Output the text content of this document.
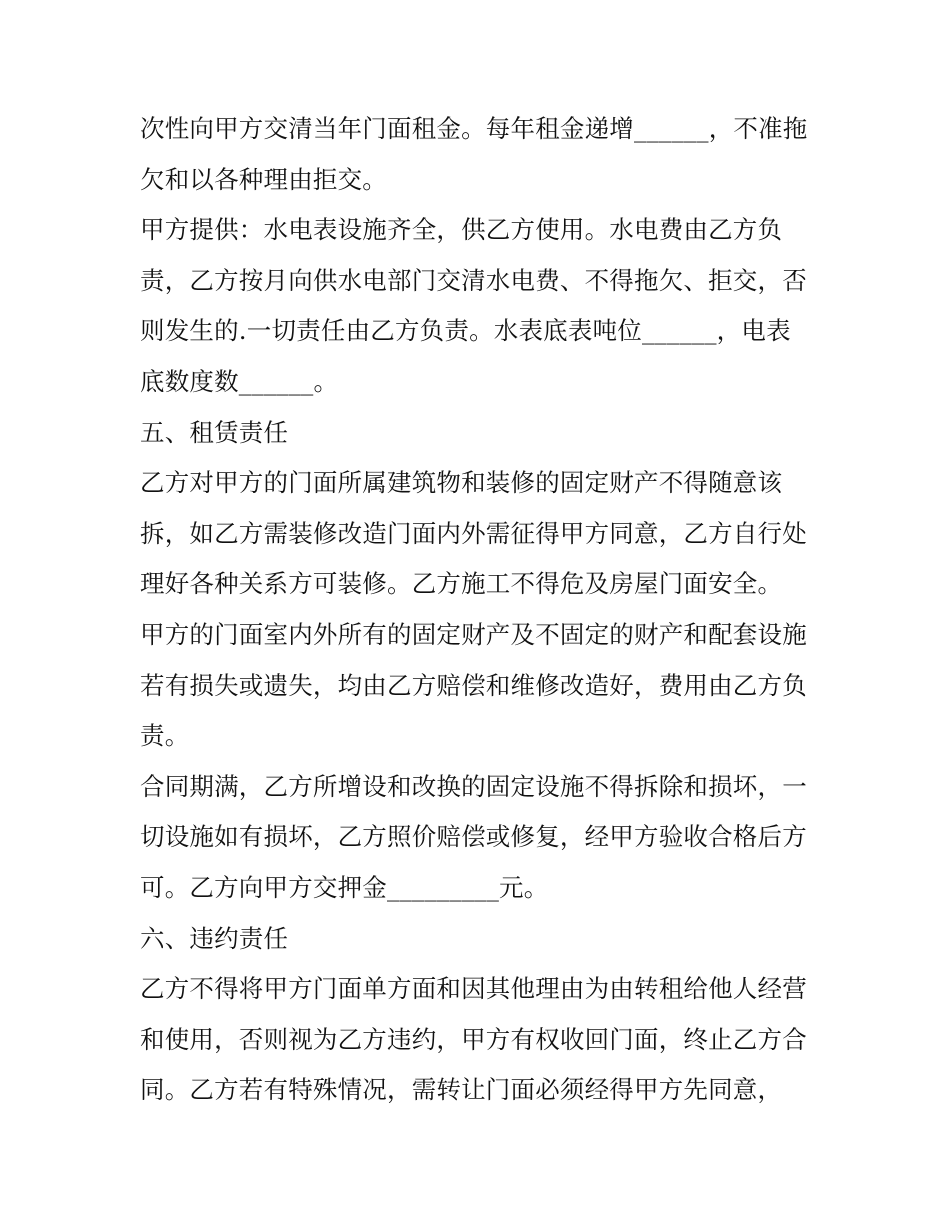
次性向甲方交清当年门面租金。每年租金递增______，不准拖
欠和以各种理由拒交。
甲方提供：水电表设施齐全，供乙方使用。水电费由乙方负
责，乙方按月向供水电部门交清水电费、不得拖欠、拒交，否
则发生的.一切责任由乙方负责。水表底表吨位______，电表
底数度数______。
五、租赁责任
乙方对甲方的门面所属建筑物和装修的固定财产不得随意该
拆，如乙方需装修改造门面内外需征得甲方同意，乙方自行处
理好各种关系方可装修。乙方施工不得危及房屋门面安全。
甲方的门面室内外所有的固定财产及不固定的财产和配套设施
若有损失或遗失，均由乙方赔偿和维修改造好，费用由乙方负
责。
合同期满，乙方所增设和改换的固定设施不得拆除和损坏，一
切设施如有损坏，乙方照价赔偿或修复，经甲方验收合格后方
可。乙方向甲方交押金_________元。
六、违约责任
乙方不得将甲方门面单方面和因其他理由为由转租给他人经营
和使用，否则视为乙方违约，甲方有权收回门面，终止乙方合
同。乙方若有特殊情况，需转让门面必须经得甲方先同意，
